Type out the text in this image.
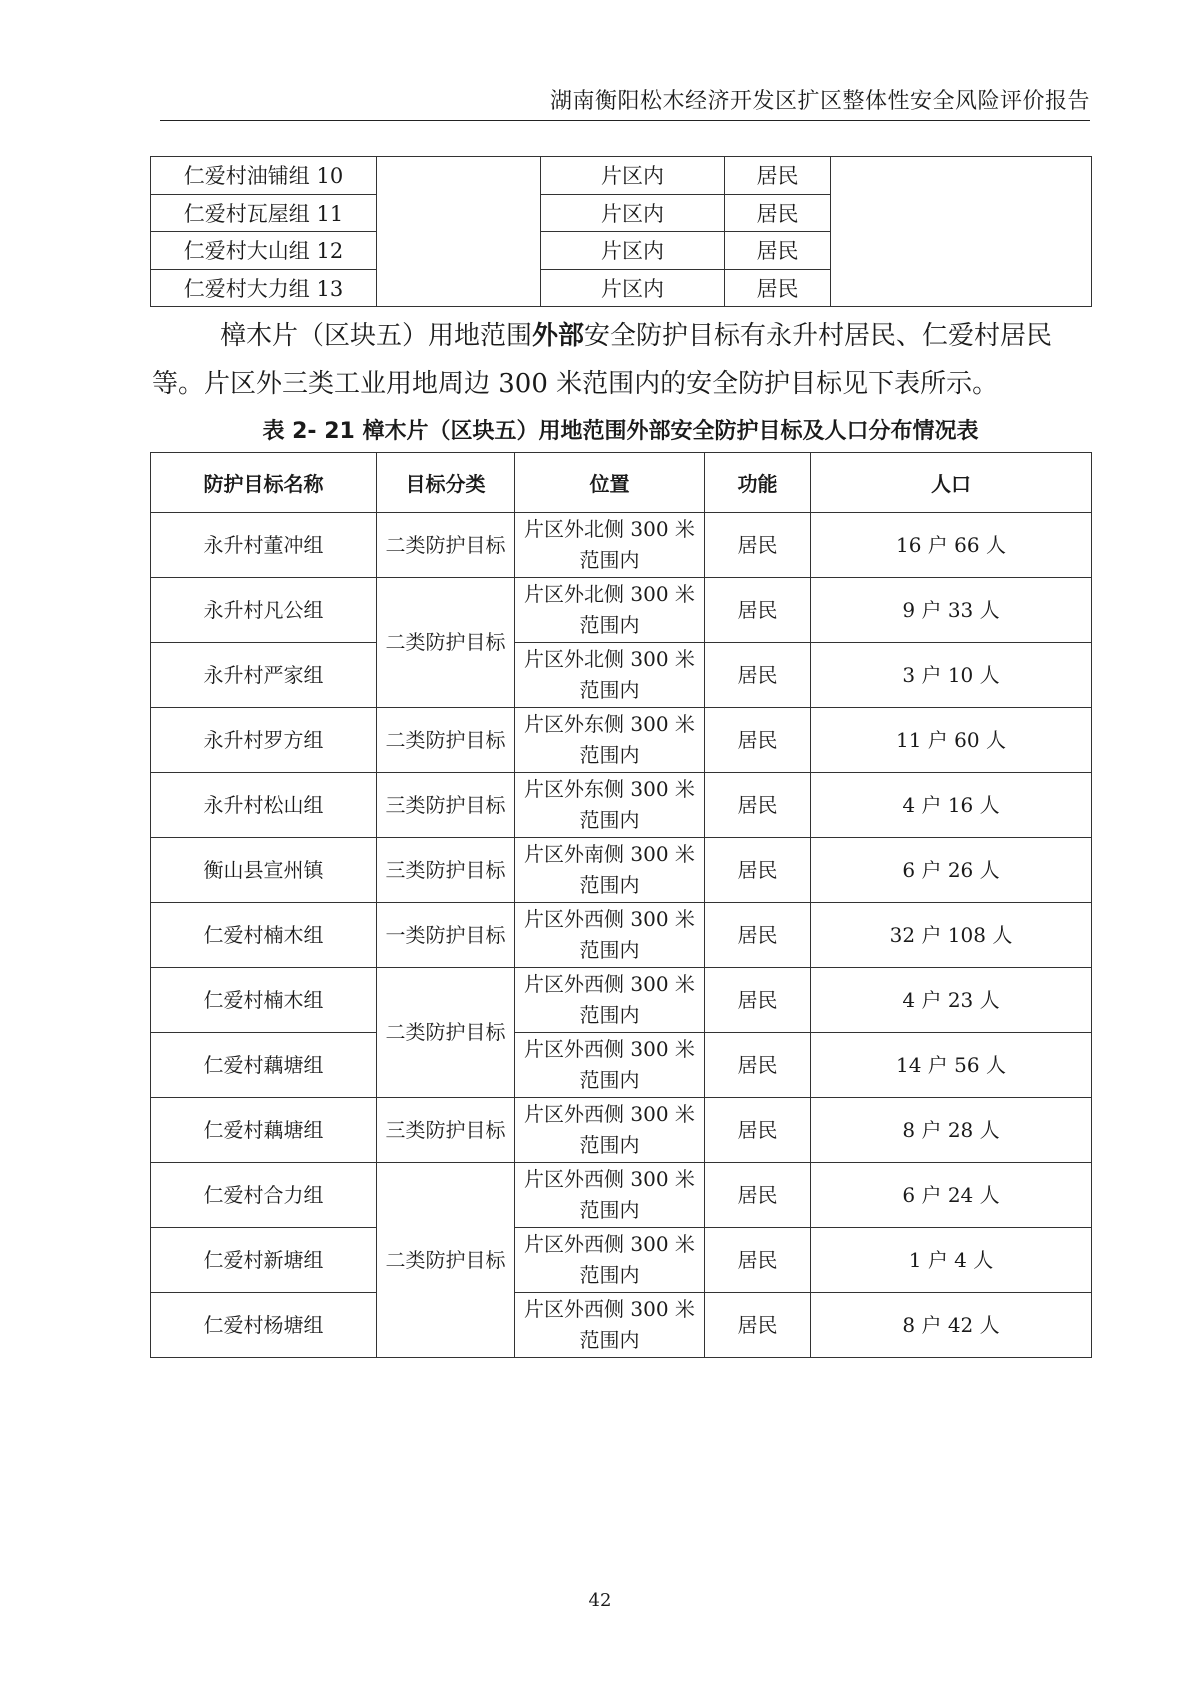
湖南衡阳松木经济开发区扩区整体性安全风险评价报告
仁爱村油铺组 10		片区内	居民	
仁爱村瓦屋组 11		片区内	居民	
仁爱村大山组 12		片区内	居民	
仁爱村大力组 13		片区内	居民	
樟木片（区块五）用地范围外部安全防护目标有永升村居民、仁爱村居民等。片区外三类工业用地周边 300 米范围内的安全防护目标见下表所示。
表 2- 21 樟木片（区块五）用地范围外部安全防护目标及人口分布情况表
防护目标名称	目标分类	位置	功能	人口
永升村董冲组	二类防护目标	片区外北侧 300 米范围内	居民	16 户 66 人
永升村凡公组	二类防护目标	片区外北侧 300 米范围内	居民	9 户 33 人
永升村严家组		片区外北侧 300 米范围内	居民	3 户 10 人
永升村罗方组	二类防护目标	片区外东侧 300 米范围内	居民	11 户 60 人
永升村松山组	三类防护目标	片区外东侧 300 米范围内	居民	4 户 16 人
衡山县宣州镇	三类防护目标	片区外南侧 300 米范围内	居民	6 户 26 人
仁爱村楠木组	一类防护目标	片区外西侧 300 米范围内	居民	32 户 108 人
仁爱村楠木组	二类防护目标	片区外西侧 300 米范围内	居民	4 户 23 人
仁爱村藕塘组		片区外西侧 300 米范围内	居民	14 户 56 人
仁爱村藕塘组	三类防护目标	片区外西侧 300 米范围内	居民	8 户 28 人
仁爱村合力组	二类防护目标	片区外西侧 300 米范围内	居民	6 户 24 人
仁爱村新塘组		片区外西侧 300 米范围内	居民	1 户 4 人
仁爱村杨塘组		片区外西侧 300 米范围内	居民	8 户 42 人
42
